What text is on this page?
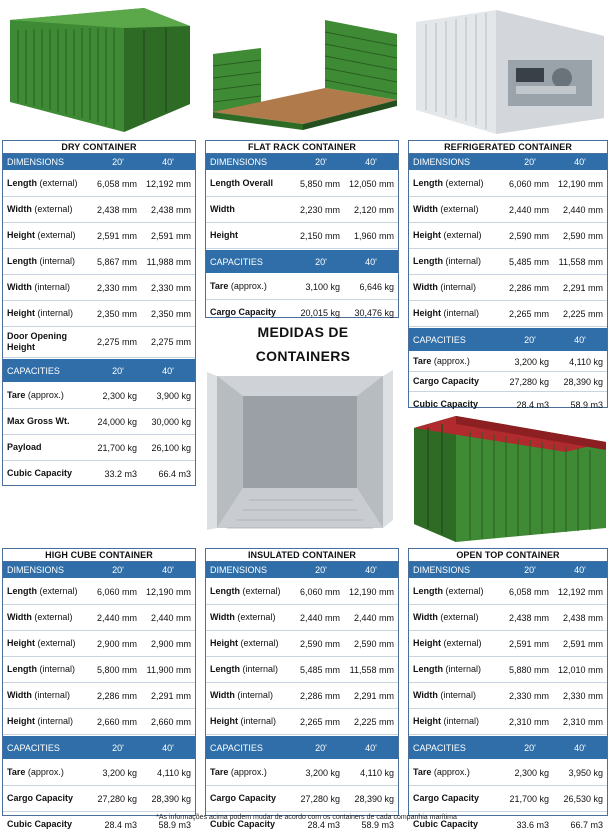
MEDIDAS DE
CONTAINERS
DRY CONTAINER
DIMENSIONS	20'	40'
Length (external)	6,058 mm 12,192 mm
Width (external)	2,438 mm	2,438 mm
Height (external)	2,591 mm	2,591 mm
Length (internal)	5,867 mm	11,988 mm
Width (internal)	2,330 mm	2,330 mm
Height (internal)	2,350 mm	2,350 mm
Door Opening Height	2,275 mm	2,275 mm
CAPACITIES	20'	40'
Tare (approx.)	2,300 kg	3,900 kg
Max Gross Wt.	24,000 kg	30,000 kg
Payload	21,700 kg	26,100 kg
Cubic Capacity	33.2 m3	66.4 m3
FLAT RACK CONTAINER
DIMENSIONS	20'	40'
Length Overall	5,850 mm 12,050 mm
Width	2,230 mm	2,120 mm
Height	2,150 mm	1,960 mm
CAPACITIES	20'	40'
Tare (approx.)	3,100 kg	6,646 kg
Cargo Capacity	20,015 kg	30,476 kg
REFRIGERATED CONTAINER
DIMENSIONS	20'	40'
Length (external)	6,060 mm 12,190 mm
Width (external)	2,440 mm	2,440 mm
Height (external)	2,590 mm	2,590 mm
Length (internal)	5,485 mm	11,558 mm
Width (internal)	2,286 mm	2,291 mm
Height (internal)	2,265 mm	2,225 mm
CAPACITIES	20'	40'
Tare (approx.)	3,200 kg	4,110 kg
Cargo Capacity	27,280 kg	28,390 kg
Cubic Capacity	28.4 m3	58.9 m3
HIGH CUBE CONTAINER
DIMENSIONS	20'	40'
Length (external)	6,060 mm 12,190 mm
Width (external)	2,440 mm	2,440 mm
Height (external)	2,900 mm	2,900 mm
Length (internal)	5,800 mm	11,900 mm
Width (internal)	2,286 mm	2,291 mm
Height (internal)	2,660 mm	2,660 mm
CAPACITIES	20'	40'
Tare (approx.)	3,200 kg	4,110 kg
Cargo Capacity	27,280 kg	28,390 kg
Cubic Capacity	28.4 m3	58.9 m3
INSULATED CONTAINER
DIMENSIONS	20'	40'
Length (external)	6,060 mm 12,190 mm
Width (external)	2,440 mm	2,440 mm
Height (external)	2,590 mm	2,590 mm
Length (internal)	5,485 mm	11,558 mm
Width (internal)	2,286 mm	2,291 mm
Height (internal)	2,265 mm	2,225 mm
CAPACITIES	20'	40'
Tare (approx.)	3,200 kg	4,110 kg
Cargo Capacity	27,280 kg	28,390 kg
Cubic Capacity	28.4 m3	58.9 m3
OPEN TOP CONTAINER
DIMENSIONS	20'	40'
Length (external)	6,058 mm 12,192 mm
Width (external)	2,438 mm	2,438 mm
Height (external)	2,591 mm	2,591 mm
Length (internal)	5,880 mm 12,010 mm
Width (internal)	2,330 mm	2,330 mm
Height (internal)	2,310 mm	2,310 mm
CAPACITIES	20'	40'
Tare (approx.)	2,300 kg	3,950 kg
Cargo Capacity	21,700 kg	26,530 kg
Cubic Capacity	33.6 m3	66.7 m3
*As informações acima podem mudar de acordo com os containers de cada companhia marítima
